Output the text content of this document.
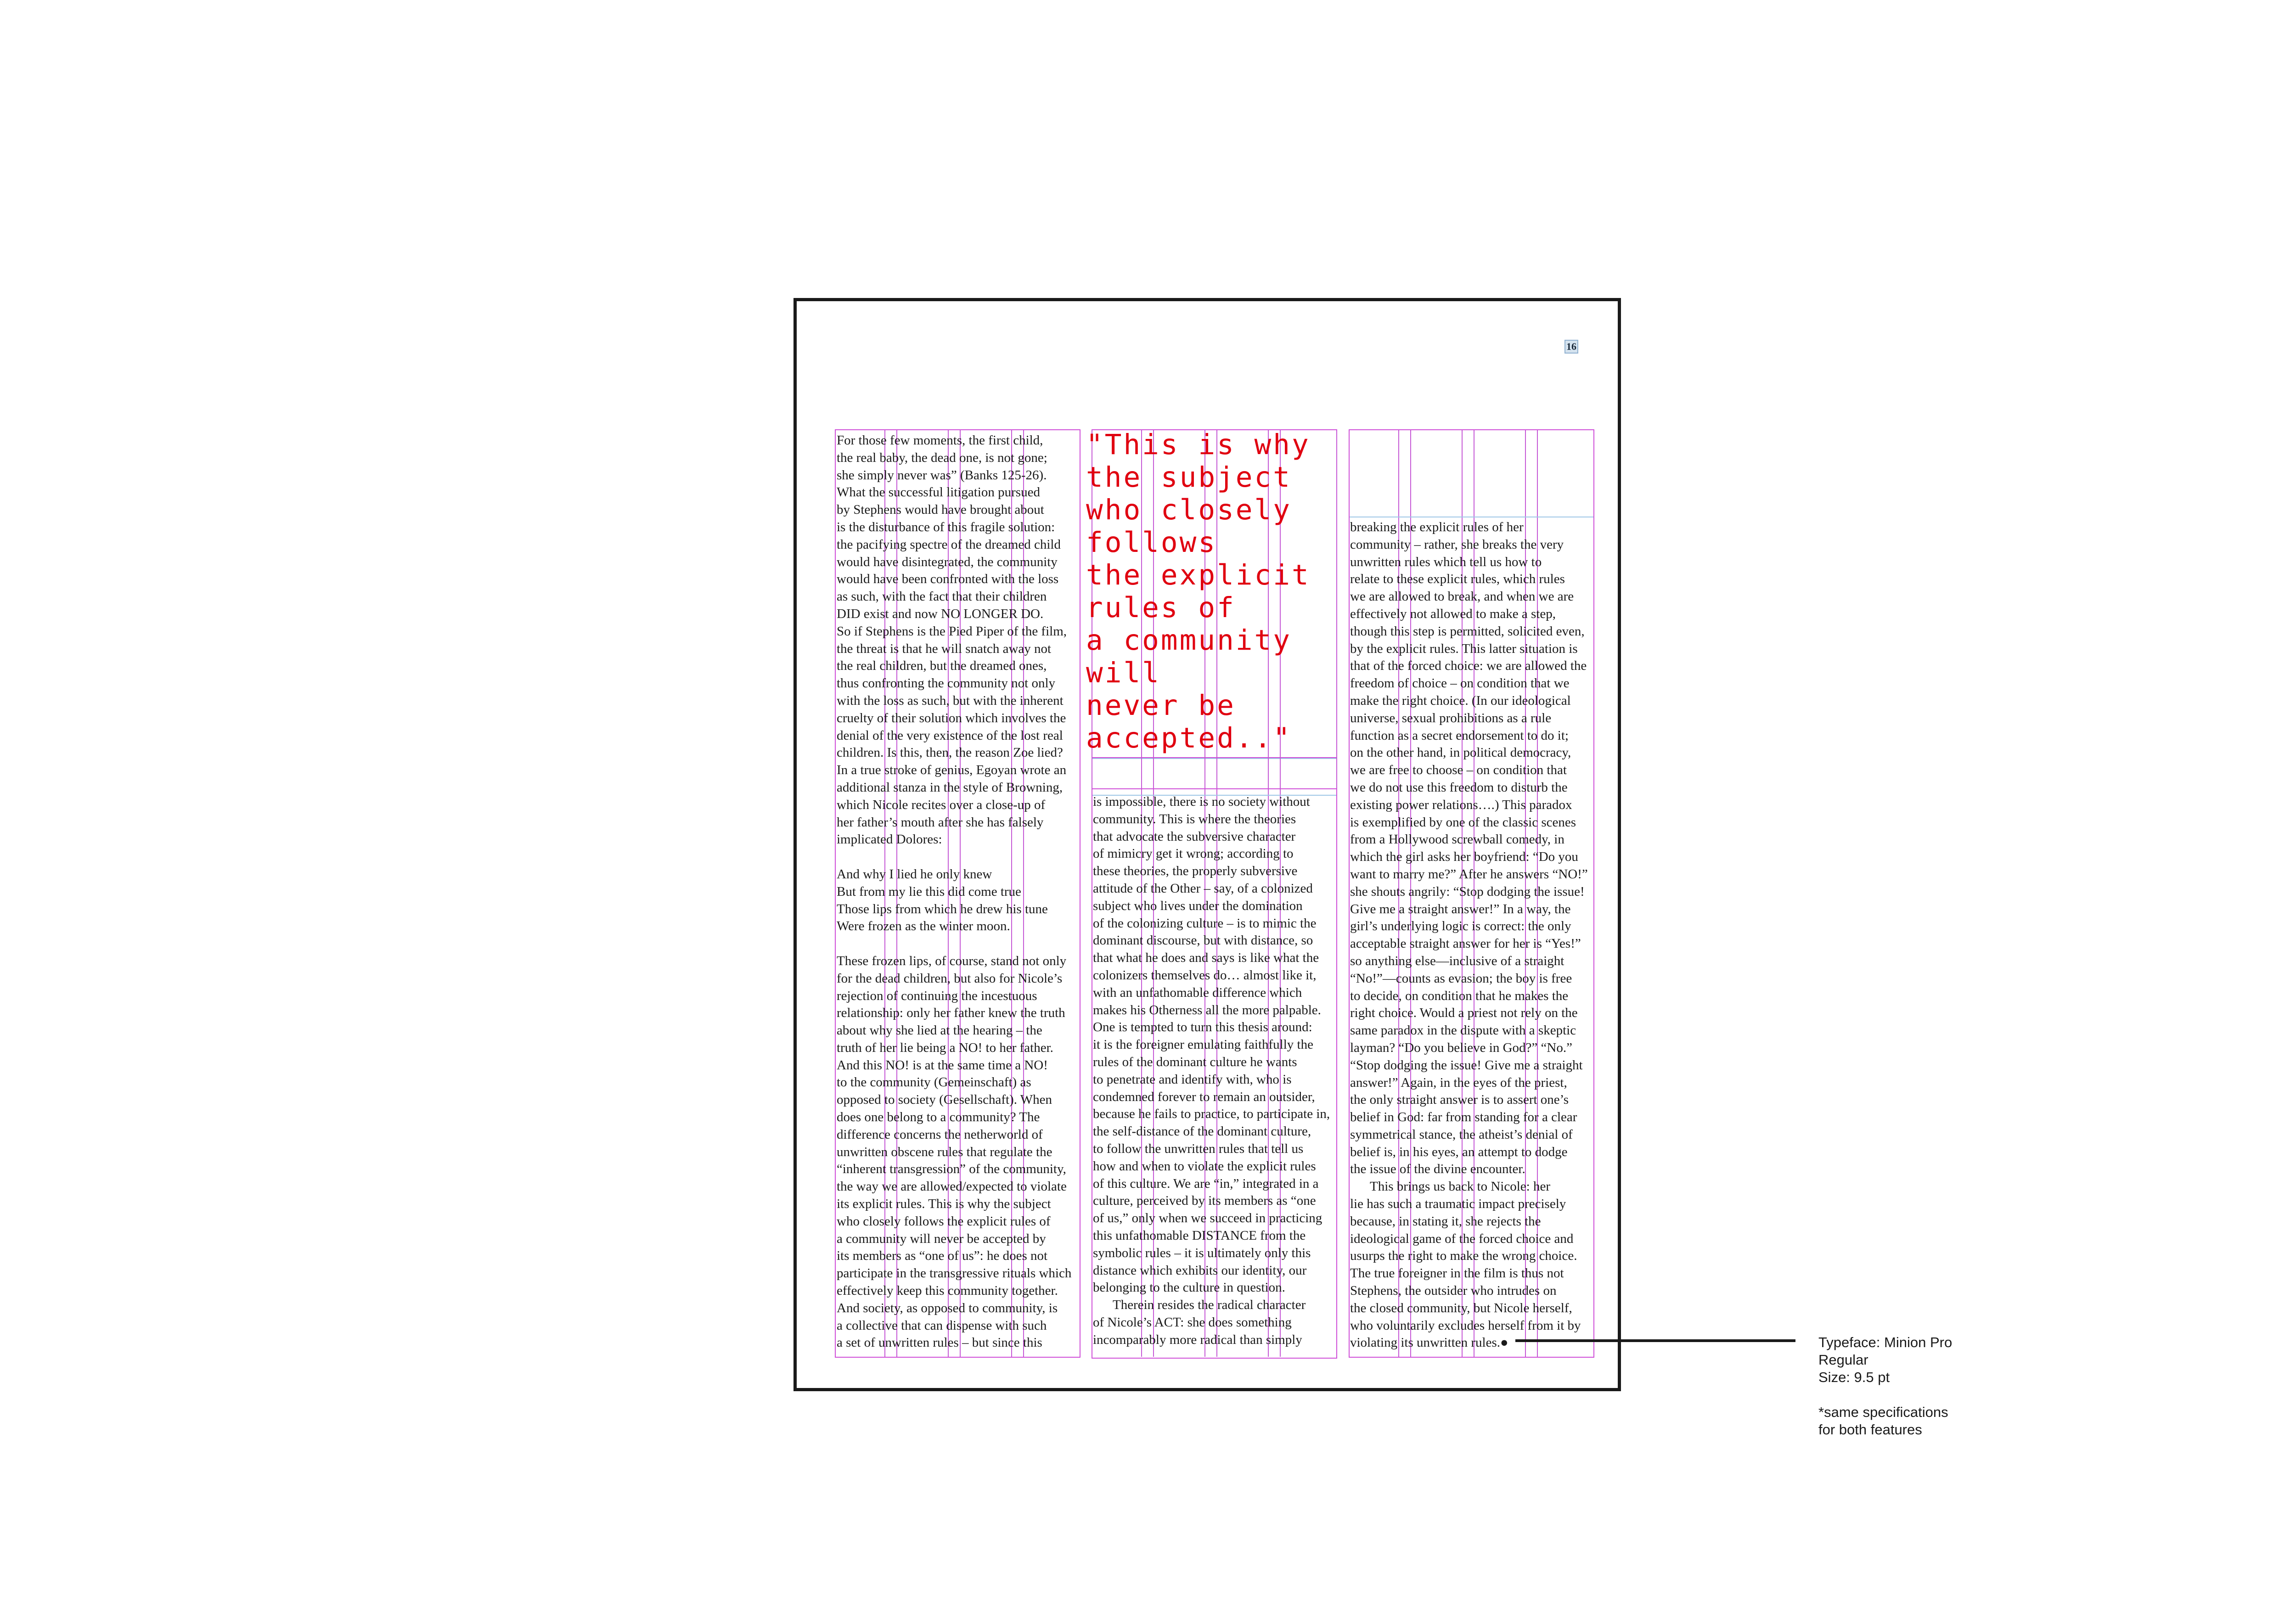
16
For those few moments, the first child,
the real baby, the dead one, is not gone;
she simply never was” (Banks 125-26).
What the successful litigation pursued
by Stephens would have brought about
is the disturbance of this fragile solution:
the pacifying spectre of the dreamed child
would have disintegrated, the community
would have been confronted with the loss
as such, with the fact that their children
DID exist and now NO LONGER DO.
So if Stephens is the Pied Piper of the film,
the threat is that he will snatch away not
the real children, but the dreamed ones,
thus confronting the community not only
with the loss as such, but with the inherent
cruelty of their solution which involves the
denial of the very existence of the lost real
children. Is this, then, the reason Zoe lied?
In a true stroke of genius, Egoyan wrote an
additional stanza in the style of Browning,
which Nicole recites over a close-up of
her father’s mouth after she has falsely
implicated Dolores:

And why I lied he only knew
But from my lie this did come true
Those lips from which he drew his tune
Were frozen as the winter moon.

These frozen lips, of course, stand not only
for the dead children, but also for Nicole’s
rejection of continuing the incestuous
relationship: only her father knew the truth
about why she lied at the hearing – the
truth of her lie being a NO! to her father.
And this NO! is at the same time a NO!
to the community (Gemeinschaft) as
opposed to society (Gesellschaft). When
does one belong to a community? The
difference concerns the netherworld of
unwritten obscene rules that regulate the
“inherent transgression” of the community,
the way we are allowed/expected to violate
its explicit rules. This is why the subject
who closely follows the explicit rules of
a community will never be accepted by
its members as “one of us”: he does not
participate in the transgressive rituals which
effectively keep this community together.
And society, as opposed to community, is
a collective that can dispense with such
a set of unwritten rules – but since this
"This is why
the subject
who closely
follows
the explicit
rules of
a community
will
never be
accepted.."
is impossible, there is no society without
community. This is where the theories
that advocate the subversive character
of mimicry get it wrong; according to
these theories, the properly subversive
attitude of the Other – say, of a colonized
subject who lives under the domination
of the colonizing culture – is to mimic the
dominant discourse, but with distance, so
that what he does and says is like what the
colonizers themselves do… almost like it,
with an unfathomable difference which
makes his Otherness all the more palpable.
One is tempted to turn this thesis around:
it is the foreigner emulating faithfully the
rules of the dominant culture he wants
to penetrate and identify with, who is
condemned forever to remain an outsider,
because he fails to practice, to participate in,
the self-distance of the dominant culture,
to follow the unwritten rules that tell us
how and when to violate the explicit rules
of this culture. We are “in,” integrated in a
culture, perceived by its members as “one
of us,” only when we succeed in practicing
this unfathomable DISTANCE from the
symbolic rules – it is ultimately only this
distance which exhibits our identity, our
belonging to the culture in question.
Therein resides the radical character
of Nicole’s ACT: she does something
incomparably more radical than simply
breaking the explicit rules of her
community – rather, she breaks the very
unwritten rules which tell us how to
relate to these explicit rules, which rules
we are allowed to break, and when we are
effectively not allowed to make a step,
though this step is permitted, solicited even,
by the explicit rules. This latter situation is
that of the forced choice: we are allowed the
freedom of choice – on condition that we
make the right choice. (In our ideological
universe, sexual prohibitions as a rule
function as a secret endorsement to do it;
on the other hand, in political democracy,
we are free to choose – on condition that
we do not use this freedom to disturb the
existing power relations….) This paradox
is exemplified by one of the classic scenes
from a Hollywood screwball comedy, in
which the girl asks her boyfriend: “Do you
want to marry me?” After he answers “NO!”
she shouts angrily: “Stop dodging the issue!
Give me a straight answer!” In a way, the
girl’s underlying logic is correct: the only
acceptable straight answer for her is “Yes!”
so anything else—inclusive of a straight
“No!”—counts as evasion; the boy is free
to decide, on condition that he makes the
right choice. Would a priest not rely on the
same paradox in the dispute with a skeptic
layman? “Do you believe in God?” “No.”
“Stop dodging the issue! Give me a straight
answer!” Again, in the eyes of the priest,
the only straight answer is to assert one’s
belief in God: far from standing for a clear
symmetrical stance, the atheist’s denial of
belief is, in his eyes, an attempt to dodge
the issue of the divine encounter.
This brings us back to Nicole: her
lie has such a traumatic impact precisely
because, in stating it, she rejects the
ideological game of the forced choice and
usurps the right to make the wrong choice.
The true foreigner in the film is thus not
Stephens, the outsider who intrudes on
the closed community, but Nicole herself,
who voluntarily excludes herself from it by
violating its unwritten rules.●	Typeface: Minion Pro
Regular
Size: 9.5 pt
*same specifications
for both features
